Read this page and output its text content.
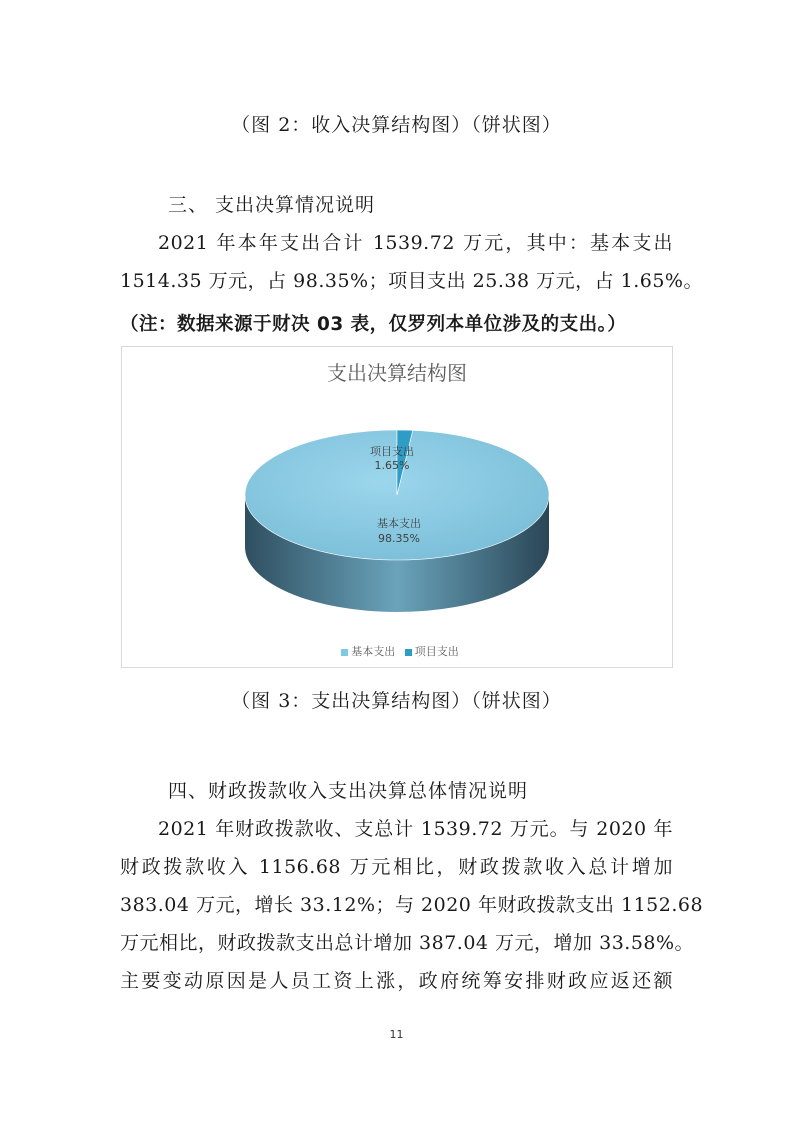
（图 2：收入决算结构图）（饼状图）
三、 支出决算情况说明

2021 年本年支出合计 1539.72 万元，其中：基本支出
1514.35 万元，占 98.35%；项目支出 25.38 万元，占 1.65%。

（注：数据来源于财决 03 表，仅罗列本单位涉及的支出。）
支出决算结构图
基本支出
98.35%
项目支出
1.65%
基本支出 项目支出
（图 3：支出决算结构图）（饼状图）
四、财政拨款收入支出决算总体情况说明

2021 年财政拨款收、支总计 1539.72 万元。与 2020 年
财政拨款收入 1156.68 万元相比，财政拨款收入总计增加
383.04 万元，增长 33.12%；与 2020 年财政拨款支出 1152.68
万元相比，财政拨款支出总计增加 387.04 万元，增加 33.58%。
主要变动原因是人员工资上涨，政府统筹安排财政应返还额

11
